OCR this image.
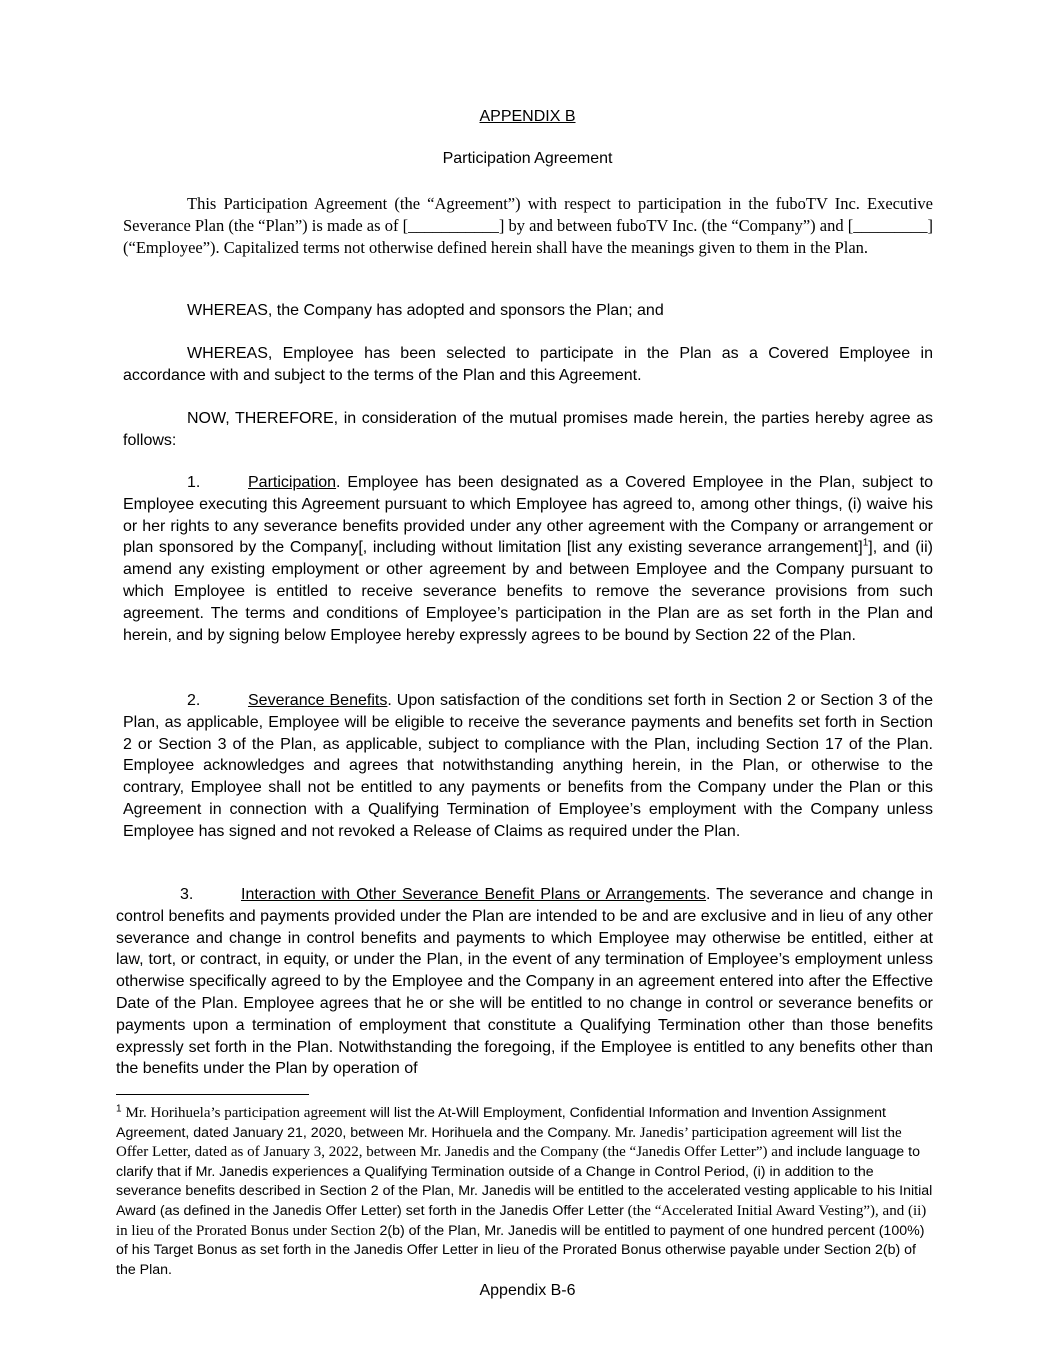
APPENDIX B
Participation Agreement

This Participation Agreement (the “Agreement”) with respect to participation in the fuboTV Inc. Executive Severance Plan (the “Plan”) is made as of [___________] by and between fuboTV Inc. (the “Company”) and [_________] (“Employee”). Capitalized terms not otherwise defined herein shall have the meanings given to them in the Plan.

WHEREAS, the Company has adopted and sponsors the Plan; and

WHEREAS, Employee has been selected to participate in the Plan as a Covered Employee in accordance with and subject to the terms of the Plan and this Agreement.

NOW, THEREFORE, in consideration of the mutual promises made herein, the parties hereby agree as follows:

1.	Participation. Employee has been designated as a Covered Employee in the Plan, subject to Employee executing this Agreement pursuant to which Employee has agreed to, among other things, (i) waive his or her rights to any severance benefits provided under any other agreement with the Company or arrangement or plan sponsored by the Company[, including without limitation [list any existing severance arrangement]$^1$], and (ii) amend any existing employment or other agreement by and between Employee and the Company pursuant to which Employee is entitled to receive severance benefits to remove the severance provisions from such agreement. The terms and conditions of Employee’s participation in the Plan are as set forth in the Plan and herein, and by signing below Employee hereby expressly agrees to be bound by Section 22 of the Plan.

2.	Severance Benefits. Upon satisfaction of the conditions set forth in Section 2 or Section 3 of the Plan, as applicable, Employee will be eligible to receive the severance payments and benefits set forth in Section 2 or Section 3 of the Plan, as applicable, subject to compliance with the Plan, including Section 17 of the Plan. Employee acknowledges and agrees that notwithstanding anything herein, in the Plan, or otherwise to the contrary, Employee shall not be entitled to any payments or benefits from the Company under the Plan or this Agreement in connection with a Qualifying Termination of Employee’s employment with the Company unless Employee has signed and not revoked a Release of Claims as required under the Plan.

3.	Interaction with Other Severance Benefit Plans or Arrangements. The severance and change in control benefits and payments provided under the Plan are intended to be and are exclusive and in lieu of any other severance and change in control benefits and payments to which Employee may otherwise be entitled, either at law, tort, or contract, in equity, or under the Plan, in the event of any termination of Employee’s employment unless otherwise specifically agreed to by the Employee and the Company in an agreement entered into after the Effective Date of the Plan. Employee agrees that he or she will be entitled to no change in control or severance benefits or payments upon a termination of employment that constitute a Qualifying Termination other than those benefits expressly set forth in the Plan. Notwithstanding the foregoing, if the Employee is entitled to any benefits other than the benefits under the Plan by operation of

$^1$ Mr. Horihuela’s participation agreement will list the At-Will Employment, Confidential Information and Invention Assignment Agreement, dated January 21, 2020, between Mr. Horihuela and the Company. Mr. Janedis’ participation agreement will list the Offer Letter, dated as of January 3, 2022, between Mr. Janedis and the Company (the “Janedis Offer Letter”) and include language to clarify that if Mr. Janedis experiences a Qualifying Termination outside of a Change in Control Period, (i) in addition to the severance benefits described in Section 2 of the Plan, Mr. Janedis will be entitled to the accelerated vesting applicable to his Initial Award (as defined in the Janedis Offer Letter) set forth in the Janedis Offer Letter (the “Accelerated Initial Award Vesting”), and (ii) in lieu of the Prorated Bonus under Section 2(b) of the Plan, Mr. Janedis will be entitled to payment of one hundred percent (100%) of his Target Bonus as set forth in the Janedis Offer Letter in lieu of the Prorated Bonus otherwise payable under Section 2(b) of the Plan.

Appendix B-6
